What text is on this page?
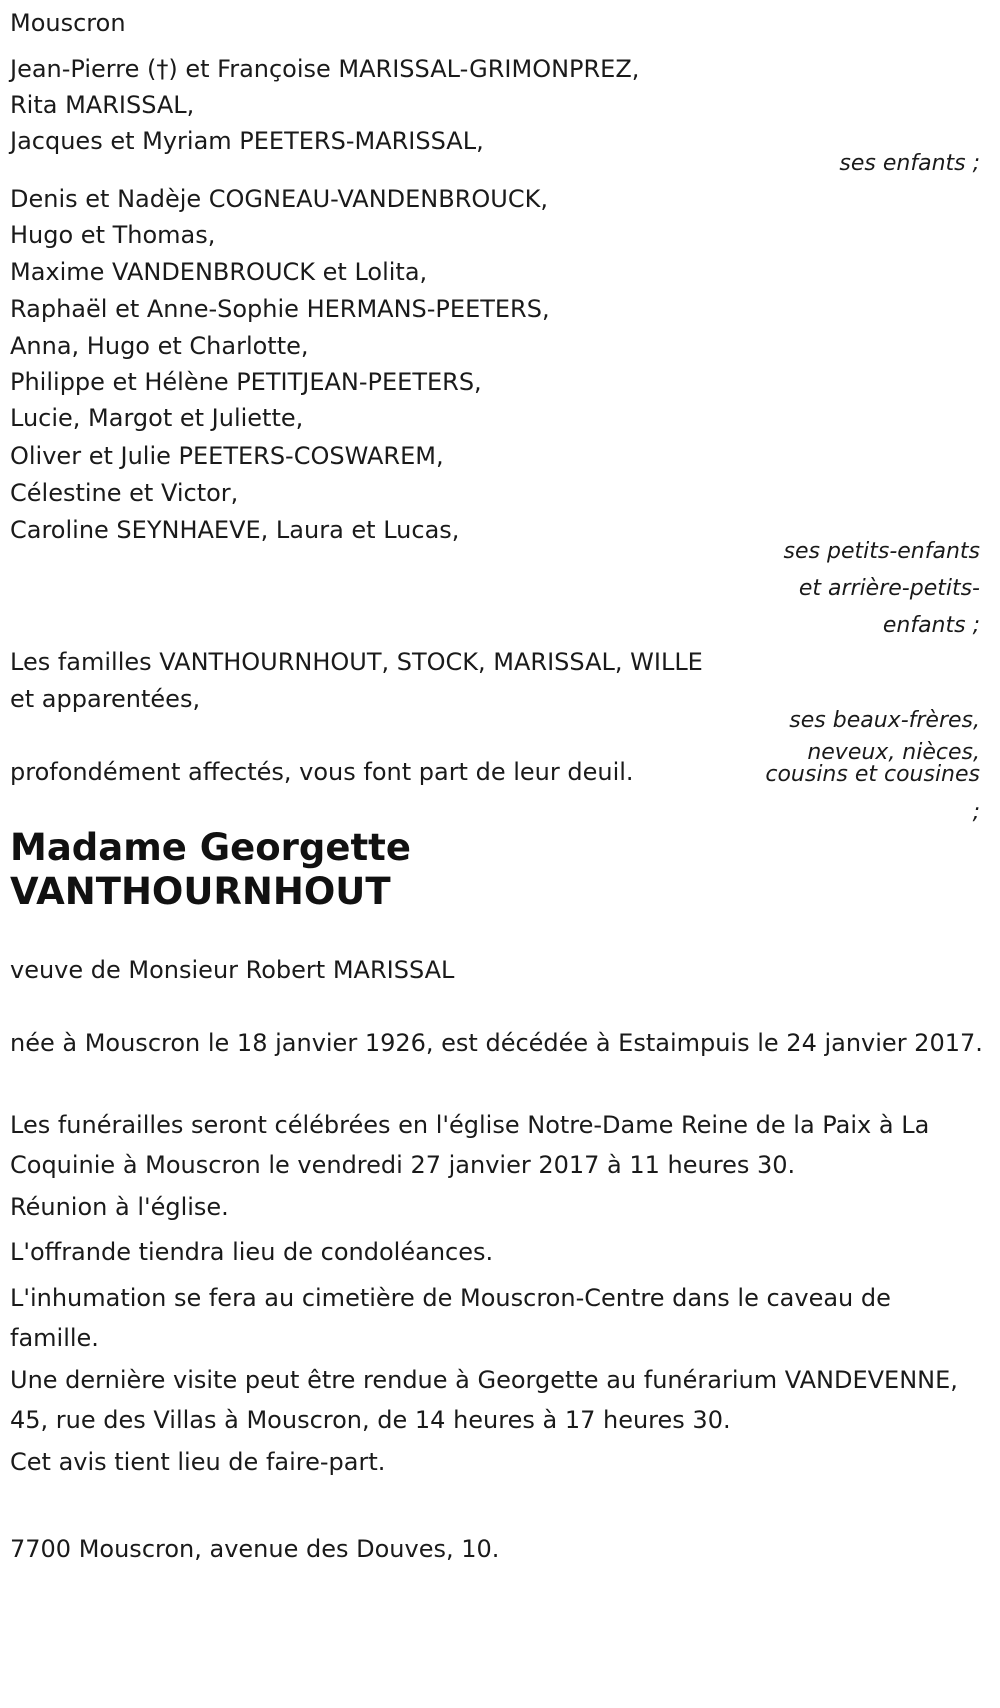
Mouscron
Jean-Pierre (†) et Françoise MARISSAL-GRIMONPREZ,
Rita MARISSAL,
Jacques et Myriam PEETERS-MARISSAL,
ses enfants ;
Denis et Nadèje COGNEAU-VANDENBROUCK,
Hugo et Thomas,
Maxime VANDENBROUCK et Lolita,
Raphaël et Anne-Sophie HERMANS-PEETERS,
Anna, Hugo et Charlotte,
Philippe et Hélène PETITJEAN-PEETERS,
Lucie, Margot et Juliette,
Oliver et Julie PEETERS-COSWAREM,
Célestine et Victor,
Caroline SEYNHAEVE, Laura et Lucas,
ses petits-enfants
et arrière-petits-
enfants ;
Les familles VANTHOURNHOUT, STOCK, MARISSAL, WILLE
et apparentées,
ses beaux-frères,
neveux, nièces,
cousins et cousines
;
profondément affectés, vous font part de leur deuil.
Madame Georgette
VANTHOURNHOUT
veuve de Monsieur Robert MARISSAL
née à Mouscron le 18 janvier 1926, est décédée à Estaimpuis le 24 janvier 2017.
Les funérailles seront célébrées en l'église Notre-Dame Reine de la Paix à La Coquinie à Mouscron le vendredi 27 janvier 2017 à 11 heures 30.
Réunion à l'église.
L'offrande tiendra lieu de condoléances.
L'inhumation se fera au cimetière de Mouscron-Centre dans le caveau de famille.
Une dernière visite peut être rendue à Georgette au funérarium VANDEVENNE, 45, rue des Villas à Mouscron, de 14 heures à 17 heures 30.
Cet avis tient lieu de faire-part.
7700 Mouscron, avenue des Douves, 10.
